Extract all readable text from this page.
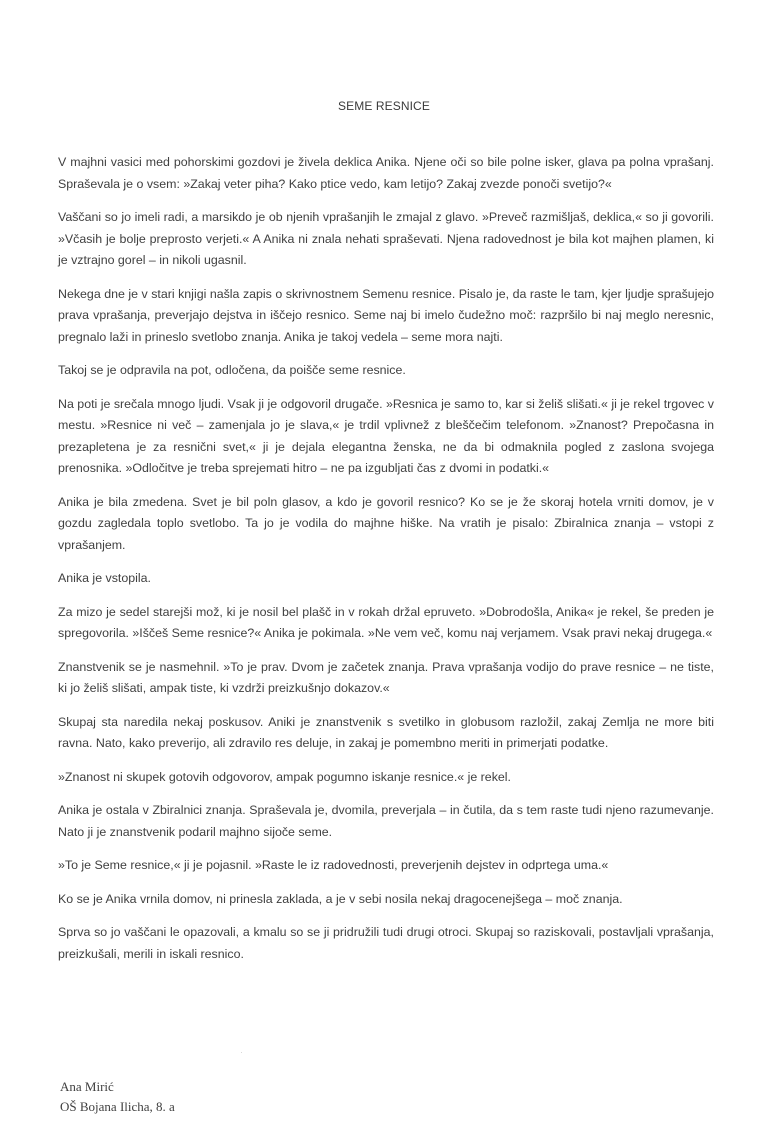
SEME RESNICE

V majhni vasici med pohorskimi gozdovi je živela deklica Anika. Njene oči so bile polne isker, glava pa polna vprašanj. Spraševala je o vsem: »Zakaj veter piha? Kako ptice vedo, kam letijo? Zakaj zvezde ponoči svetijo?«

Vaščani so jo imeli radi, a marsikdo je ob njenih vprašanjih le zmajal z glavo. »Preveč razmišljaš, deklica,« so ji govorili. »Včasih je bolje preprosto verjeti.« A Anika ni znala nehati spraševati. Njena radovednost je bila kot majhen plamen, ki je vztrajno gorel – in nikoli ugasnil.

Nekega dne je v stari knjigi našla zapis o skrivnostnem Semenu resnice. Pisalo je, da raste le tam, kjer ljudje sprašujejo prava vprašanja, preverjajo dejstva in iščejo resnico. Seme naj bi imelo čudežno moč: razpršilo bi naj meglo neresnic, pregnalo laži in prineslo svetlobo znanja. Anika je takoj vedela – seme mora najti.

Takoj se je odpravila na pot, odločena, da poišče seme resnice.

Na poti je srečala mnogo ljudi. Vsak ji je odgovoril drugače. »Resnica je samo to, kar si želiš slišati.« ji je rekel trgovec v mestu. »Resnice ni več – zamenjala jo je slava,« je trdil vplivnež z bleščečim telefonom. »Znanost? Prepočasna in prezapletena je za resnični svet,« ji je dejala elegantna ženska, ne da bi odmaknila pogled z zaslona svojega prenosnika. »Odločitve je treba sprejemati hitro – ne pa izgubljati čas z dvomi in podatki.«

Anika je bila zmedena. Svet je bil poln glasov, a kdo je govoril resnico? Ko se je že skoraj hotela vrniti domov, je v gozdu zagledala toplo svetlobo. Ta jo je vodila do majhne hiške. Na vratih je pisalo: Zbiralnica znanja – vstopi z vprašanjem.

Anika je vstopila.

Za mizo je sedel starejši mož, ki je nosil bel plašč in v rokah držal epruveto. »Dobrodošla, Anika« je rekel, še preden je spregovorila. »Iščeš Seme resnice?« Anika je pokimala. »Ne vem več, komu naj verjamem. Vsak pravi nekaj drugega.«

Znanstvenik se je nasmehnil. »To je prav. Dvom je začetek znanja. Prava vprašanja vodijo do prave resnice – ne tiste, ki jo želiš slišati, ampak tiste, ki vzdrži preizkušnjo dokazov.«

Skupaj sta naredila nekaj poskusov. Aniki je znanstvenik s svetilko in globusom razložil, zakaj Zemlja ne more biti ravna. Nato, kako preverijo, ali zdravilo res deluje, in zakaj je pomembno meriti in primerjati podatke.

»Znanost ni skupek gotovih odgovorov, ampak pogumno iskanje resnice.« je rekel.

Anika je ostala v Zbiralnici znanja. Spraševala je, dvomila, preverjala – in čutila, da s tem raste tudi njeno razumevanje. Nato ji je znanstvenik podaril majhno sijoče seme.

»To je Seme resnice,« ji je pojasnil. »Raste le iz radovednosti, preverjenih dejstev in odprtega uma.«

Ko se je Anika vrnila domov, ni prinesla zaklada, a je v sebi nosila nekaj dragocenejšega – moč znanja.

Sprva so jo vaščani le opazovali, a kmalu so se ji pridružili tudi drugi otroci. Skupaj so raziskovali, postavljali vprašanja, preizkušali, merili in iskali resnico.

Ana Mirić
OŠ Bojana Ilicha, 8. a
